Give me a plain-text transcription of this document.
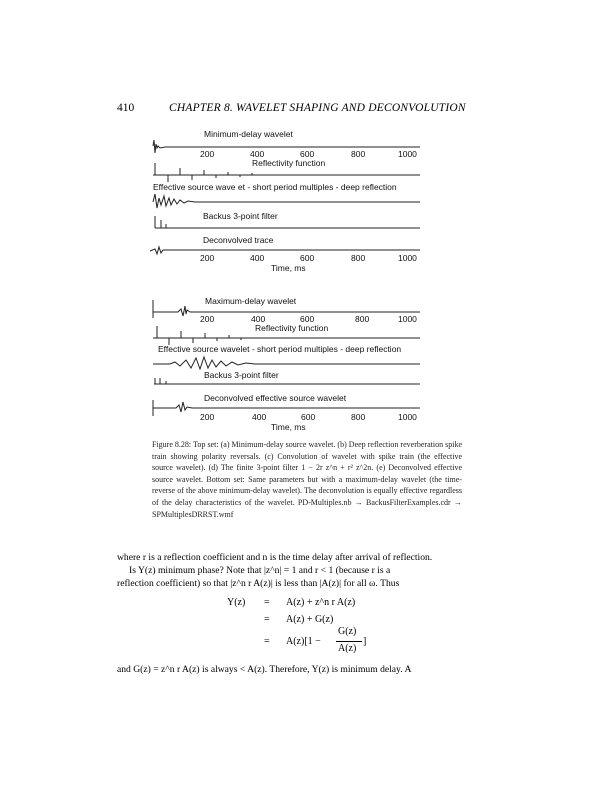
410	CHAPTER 8. WAVELET SHAPING AND DECONVOLUTION
Minimum-delay wavelet
200	400	600	800	1000
Reflectivity function
Effective source wave et - short period multiples - deep reflection
Backus 3-point filter
Deconvolved trace
200	400	600	800	1000
Time, ms
Maximum-delay wavelet
200	400	600	800	1000
Reflectivity function
Effective source wavelet - short period multiples - deep reflection
Backus 3-point filter
Deconvolved effective source wavelet
200	400	600	800	1000
Time, ms
Figure 8.28: Top set: (a) Minimum-delay source wavelet. (b) Deep reflection reverberation spike train showing polarity reversals. (c) Convolution of wavelet with spike train (the effective source wavelet). (d) The finite 3-point filter 1 − 2r z^n + r² z^2n. (e) Deconvolved effective source wavelet. Bottom set: Same parameters but with a maximum-delay wavelet (the time-reverse of the above minimum-delay wavelet). The deconvolution is equally effective regardless of the delay characteristics of the wavelet. PD-Multiples.nb → BackusFilterExamples.cdr → SPMultiplesDRRST.wmf
where r is a reflection coefficient and n is the time delay after arrival of reflection.
Is Y(z) minimum phase? Note that |z^n| = 1 and r < 1 (because r is a
reflection coefficient) so that |z^n r A(z)| is less than |A(z)| for all ω. Thus
Y(z) = A(z) + z^n r A(z)
= A(z) + G(z)
= A(z)[1 −
G(z)
A(z)
]
and G(z) = z^n r A(z) is always < A(z). Therefore, Y(z) is minimum delay. A
